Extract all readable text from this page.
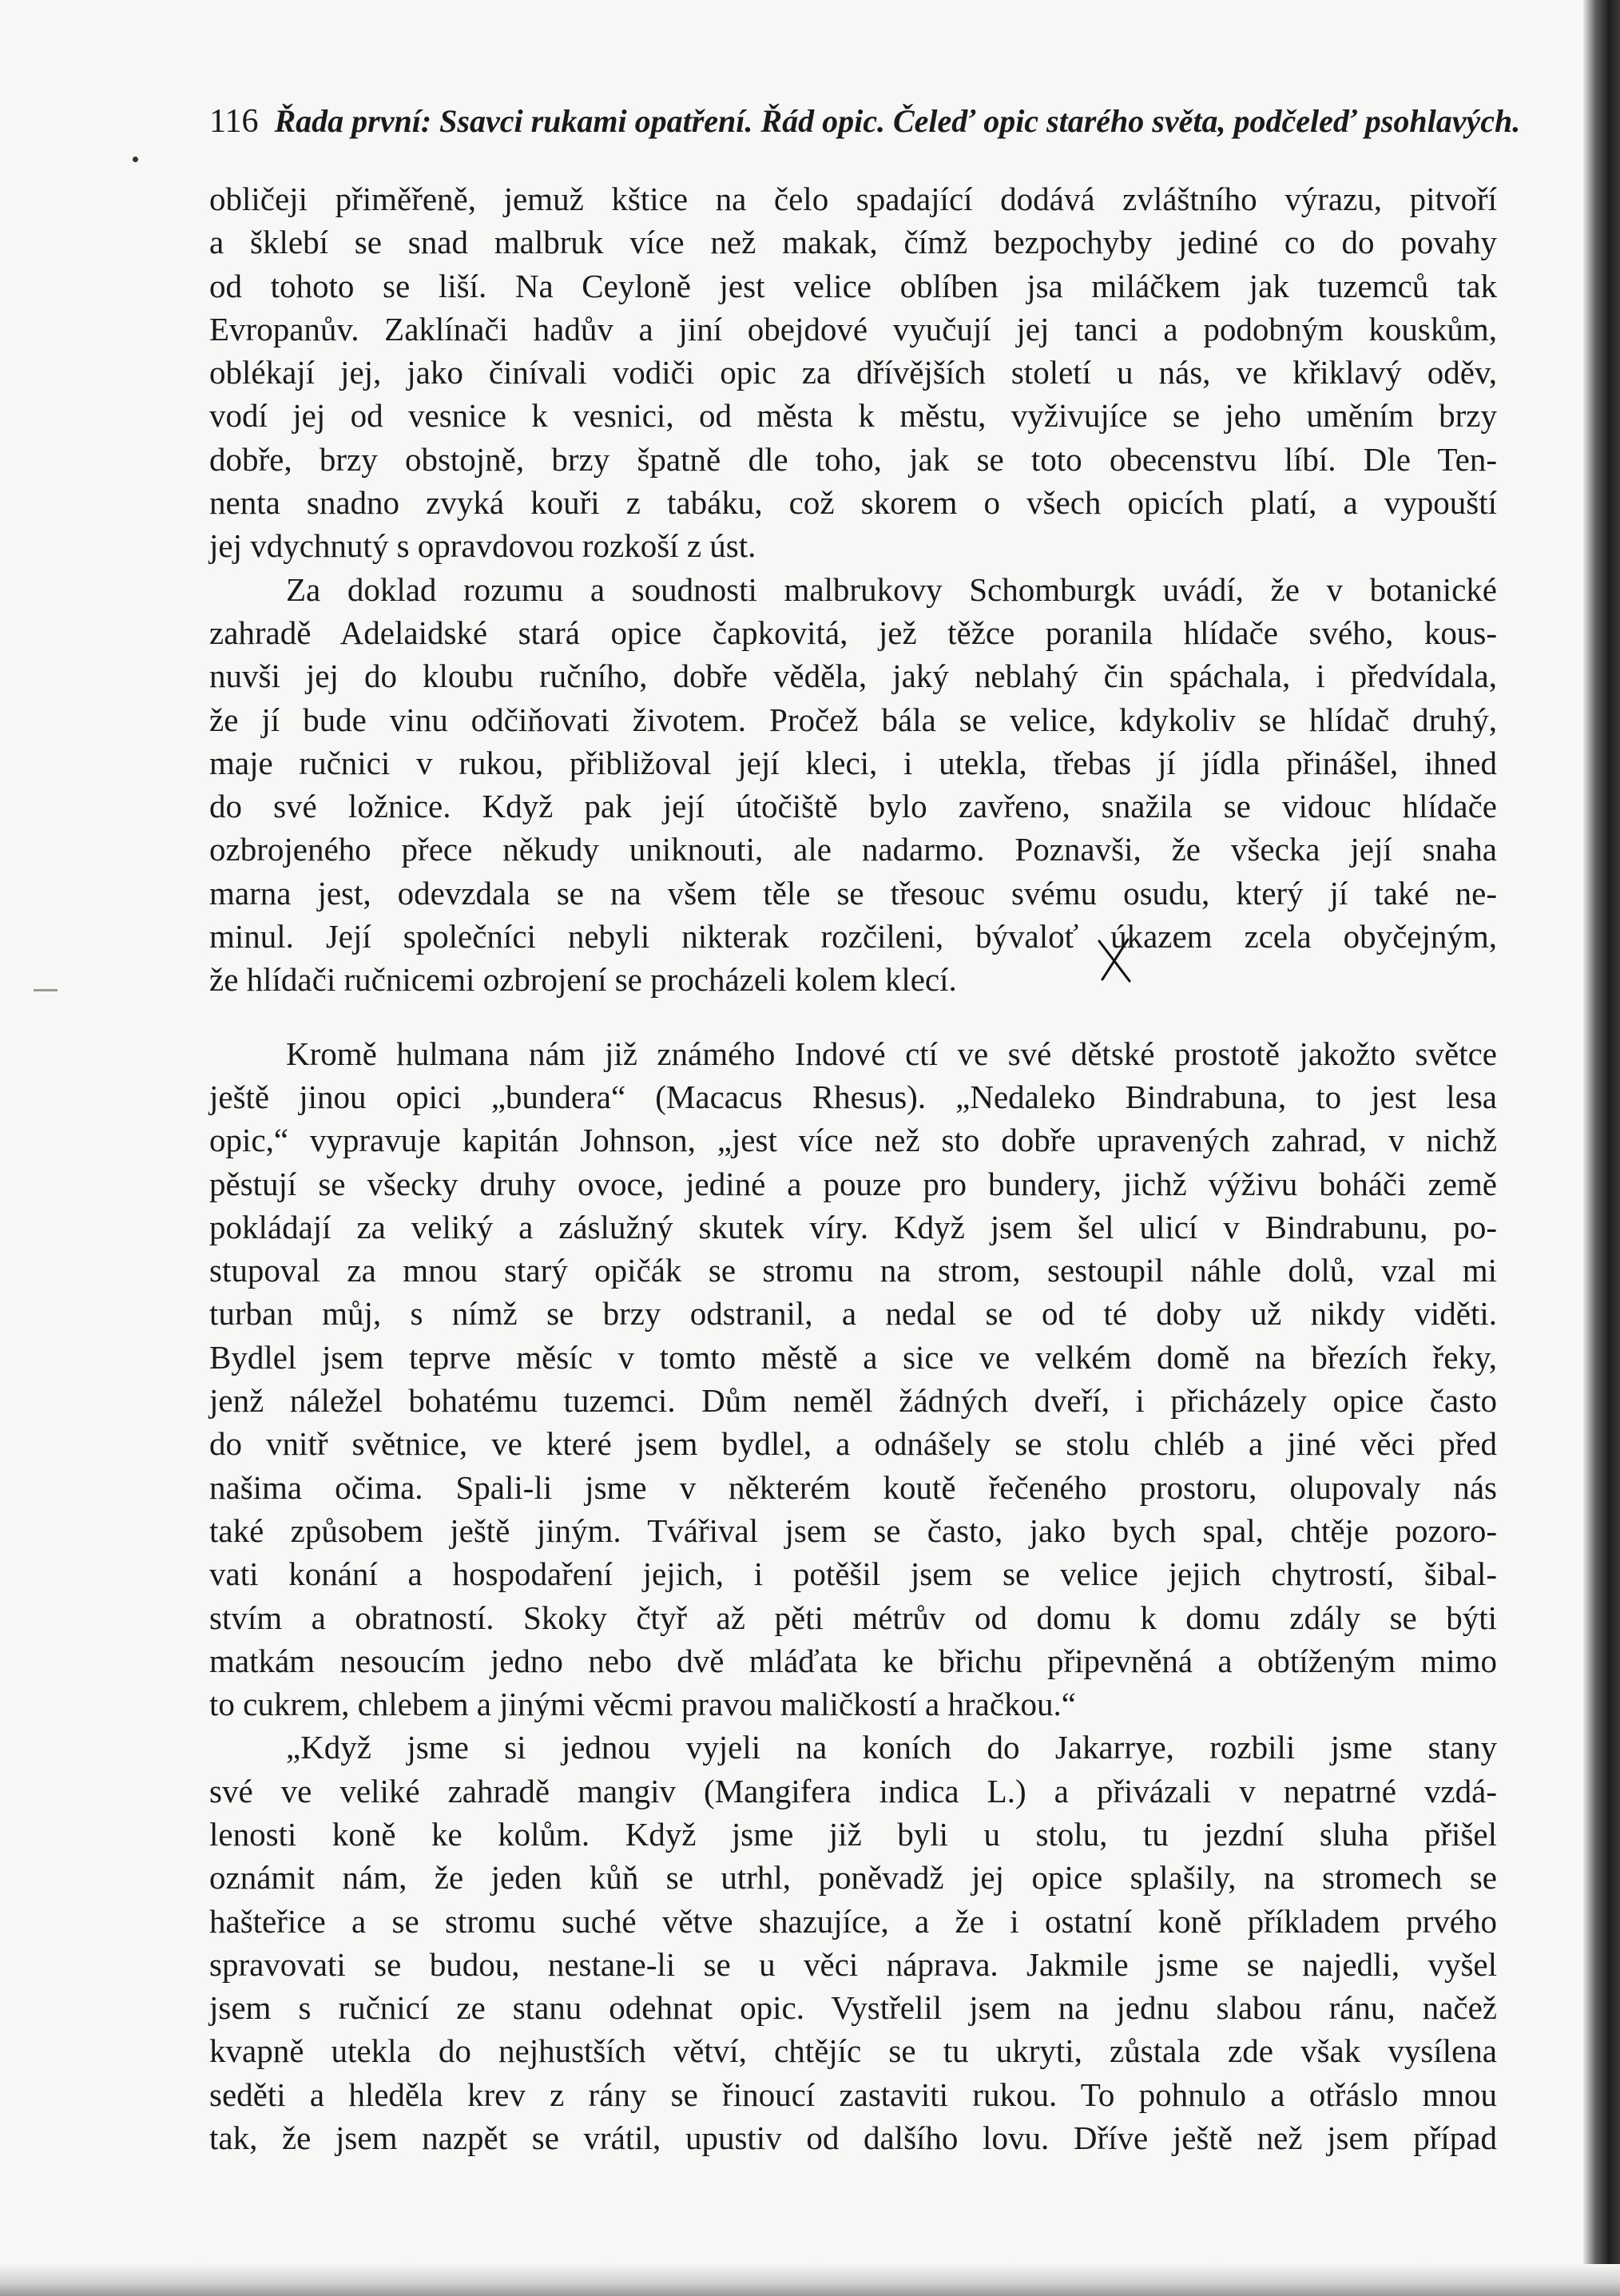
116 Řada první: Ssavci rukami opatření. Řád opic. Čeleď opic starého světa, podčeleď psohlavých.
obličeji přiměřeně, jemuž kštice na čelo spadající dodává zvláštního výrazu, pitvoří
a šklebí se snad malbruk více než makak, čímž bezpochyby jediné co do povahy
od tohoto se liší. Na Ceyloně jest velice oblíben jsa miláčkem jak tuzemců tak
Evropanův. Zaklínači hadův a jiní obejdové vyučují jej tanci a podobným kouskům,
oblékají jej, jako činívali vodiči opic za dřívějších století u nás, ve křiklavý oděv,
vodí jej od vesnice k vesnici, od města k městu, vyživujíce se jeho uměním brzy
dobře, brzy obstojně, brzy špatně dle toho, jak se toto obecenstvu líbí. Dle Ten-
nenta snadno zvyká kouři z tabáku, což skorem o všech opicích platí, a vypouští
jej vdychnutý s opravdovou rozkoší z úst.
Za doklad rozumu a soudnosti malbrukovy Schomburgk uvádí, že v botanické
zahradě Adelaidské stará opice čapkovitá, jež těžce poranila hlídače svého, kous-
nuvši jej do kloubu ručního, dobře věděla, jaký neblahý čin spáchala, i předvídala,
že jí bude vinu odčiňovati životem. Pročež bála se velice, kdykoliv se hlídač druhý,
maje ručnici v rukou, přibližoval její kleci, i utekla, třebas jí jídla přinášel, ihned
do své ložnice. Když pak její útočiště bylo zavřeno, snažila se vidouc hlídače
ozbrojeného přece někudy uniknouti, ale nadarmo. Poznavši, že všecka její snaha
marna jest, odevzdala se na všem těle se třesouc svému osudu, který jí také ne-
minul. Její společníci nebyli nikterak rozčileni, bývaloť úkazem zcela obyčejným,
že hlídači ručnicemi ozbrojení se procházeli kolem klecí.
Kromě hulmana nám již známého Indové ctí ve své dětské prostotě jakožto světce
ještě jinou opici „bundera“ (Macacus Rhesus). „Nedaleko Bindrabuna, to jest lesa
opic,“ vypravuje kapitán Johnson, „jest více než sto dobře upravených zahrad, v nichž
pěstují se všecky druhy ovoce, jediné a pouze pro bundery, jichž výživu boháči země
pokládají za veliký a záslužný skutek víry. Když jsem šel ulicí v Bindrabunu, po-
stupoval za mnou starý opičák se stromu na strom, sestoupil náhle dolů, vzal mi
turban můj, s nímž se brzy odstranil, a nedal se od té doby už nikdy viděti.
Bydlel jsem teprve měsíc v tomto městě a sice ve velkém domě na březích řeky,
jenž náležel bohatému tuzemci. Dům neměl žádných dveří, i přicházely opice často
do vnitř světnice, ve které jsem bydlel, a odnášely se stolu chléb a jiné věci před
našima očima. Spali-li jsme v některém koutě řečeného prostoru, olupovaly nás
také způsobem ještě jiným. Tvářival jsem se často, jako bych spal, chtěje pozoro-
vati konání a hospodaření jejich, i potěšil jsem se velice jejich chytrostí, šibal-
stvím a obratností. Skoky čtyř až pěti métrův od domu k domu zdály se býti
matkám nesoucím jedno nebo dvě mláďata ke břichu připevněná a obtíženým mimo
to cukrem, chlebem a jinými věcmi pravou maličkostí a hračkou.“
„Když jsme si jednou vyjeli na koních do Jakarrye, rozbili jsme stany
své ve veliké zahradě mangiv (Mangifera indica L.) a přivázali v nepatrné vzdá-
lenosti koně ke kolům. Když jsme již byli u stolu, tu jezdní sluha přišel
oznámit nám, že jeden kůň se utrhl, poněvadž jej opice splašily, na stromech se
hašteřice a se stromu suché větve shazujíce, a že i ostatní koně příkladem prvého
spravovati se budou, nestane-li se u věci náprava. Jakmile jsme se najedli, vyšel
jsem s ručnicí ze stanu odehnat opic. Vystřelil jsem na jednu slabou ránu, načež
kvapně utekla do nejhustších větví, chtějíc se tu ukryti, zůstala zde však vysílena
seděti a hleděla krev z rány se řinoucí zastaviti rukou. To pohnulo a otřáslo mnou
tak, že jsem nazpět se vrátil, upustiv od dalšího lovu. Dříve ještě než jsem případ
